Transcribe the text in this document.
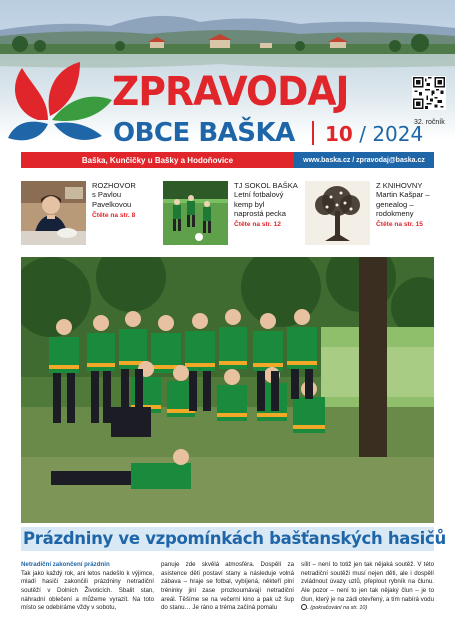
ZPRAVODAJ
OBCE BAŠKA 10 / 2024
32. ročník
Baška, Kunčičky u Bašky a Hodoňovice	www.baska.cz / zpravodaj@baska.cz
ROZHOVOR
s Pavlou
Pavelkovou
Čtěte na str. 8
TJ SOKOL BAŠKA
Letní fotbalový
kemp byl
naprostá pecka
Čtěte na str. 12
Z KNIHOVNY
Martin Kašpar –
genealog –
rodokmeny
Čtěte na str. 15
Prázdniny ve vzpomínkách bašťanských hasičů
Netradiční zakončení prázdnin
Tak jako každý rok, ani letos nadešlo k výjimce, mladí hasiči zakončili prázdniny netradiční soutěží v Dolních Životicích. Sbalit stan, náhradní oblečení a můžeme vyrazit. Na toto místo se odebíráme vždy v sobotu,
panuje zde skvělá atmosféra. Dospělí za asistence děti postaví stany a následuje volná zábava – hraje se fotbal, vybíjená, někteří plní tréninky jiní zase prozkoumávají netradiční areál. Těšíme se na večerní kino a pak už šup do stanu… Je ráno a tréma začíná pomalu
sílit – není to totiž jen tak nějaká soutěž. V této netradiční soutěži musí nejen děti, ale i dospělí zvládnout úvazy uzlů, přeplout rybník na člunu. Ale pozor – není to jen tak nějaký člun – je to člun, který je na zádi otevřený, a tím nabírá vodu . (pokračování na str. 10)
